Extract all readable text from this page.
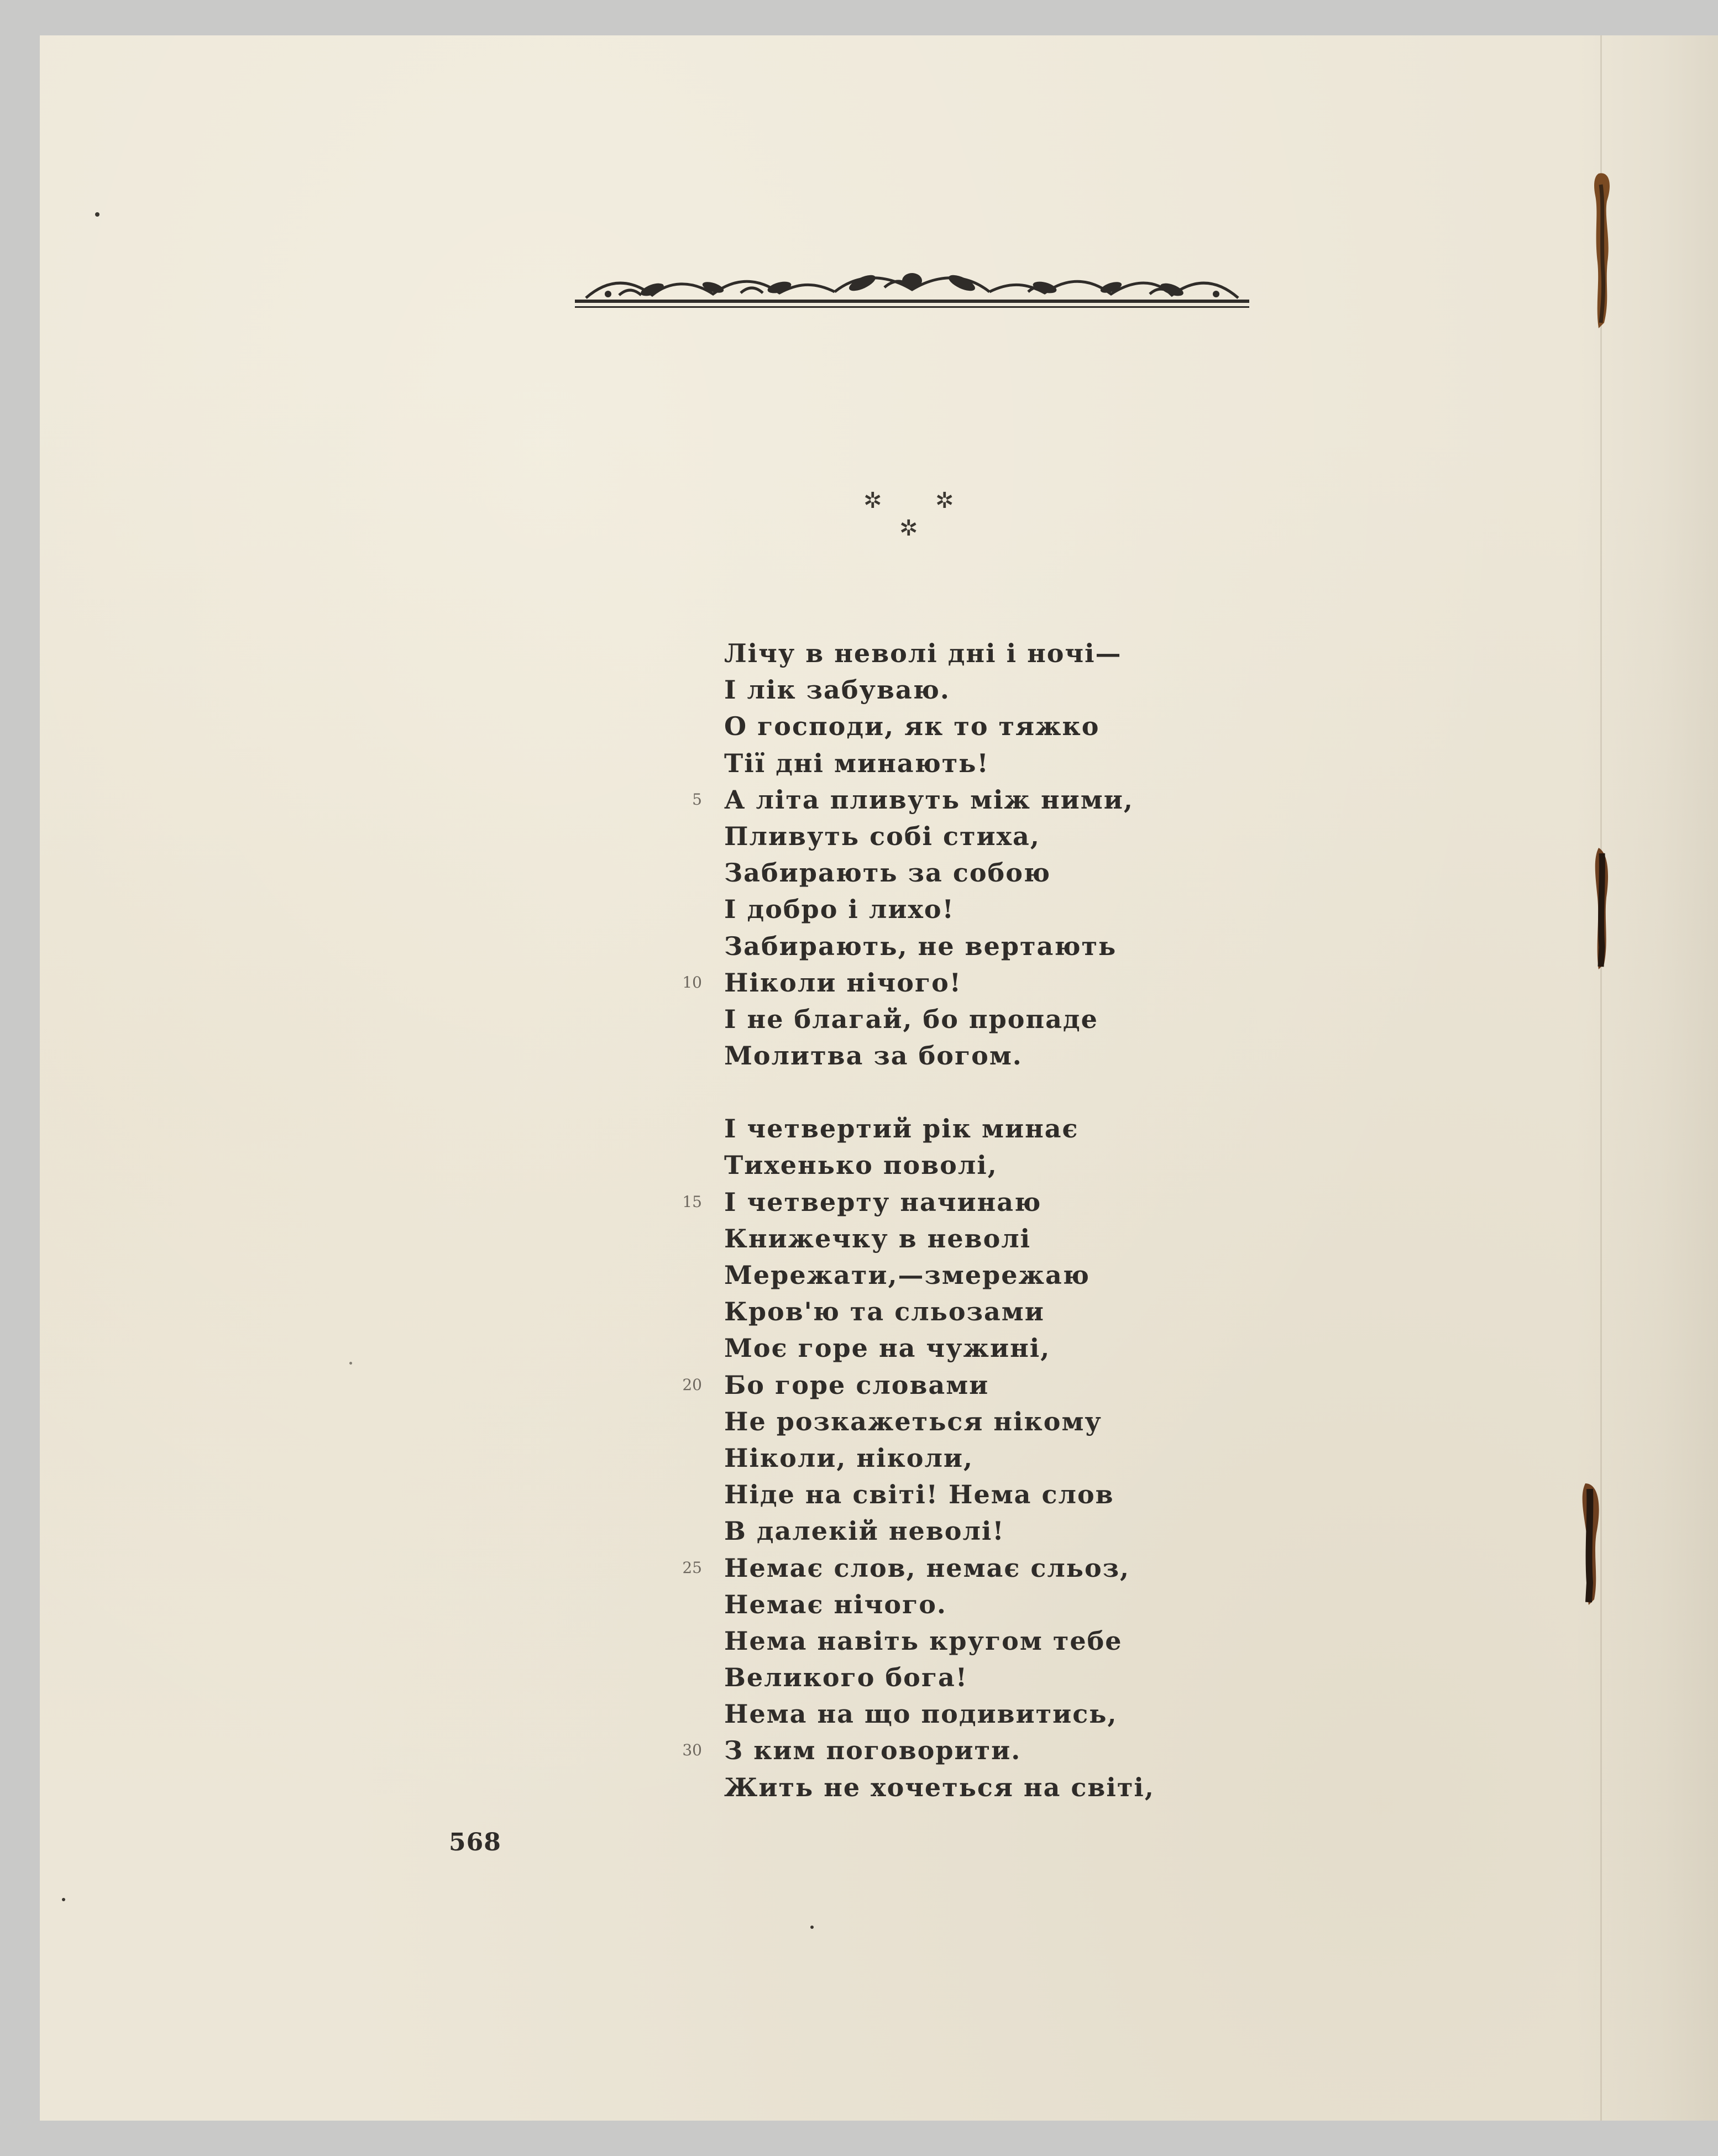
✲ ✲
✲
Лічу в неволі дні і ночі—
І лік забуваю.
О господи, як то тяжко
Тії дні минають!
5 А літа пливуть між ними,
Пливуть собі стиха,
Забирають за собою
І добро і лихо!
Забирають, не вертають
10 Ніколи нічого!
І не благай, бо пропаде
Молитва за богом.
І четвертий рік минає
Тихенько поволі,
15 І четверту начинаю
Книжечку в неволі
Мережати,—змережаю
Кров'ю та сльозами
Моє горе на чужині,
20 Бо горе словами
Не розкажеться нікому
Ніколи, ніколи,
Ніде на світі! Нема слов
В далекій неволі!
25 Немає слов, немає сльоз,
Немає нічого.
Нема навіть кругом тебе
Великого бога!
Нема на що подивитись,
30 З ким поговорити.
Жить не хочеться на світі,
568
